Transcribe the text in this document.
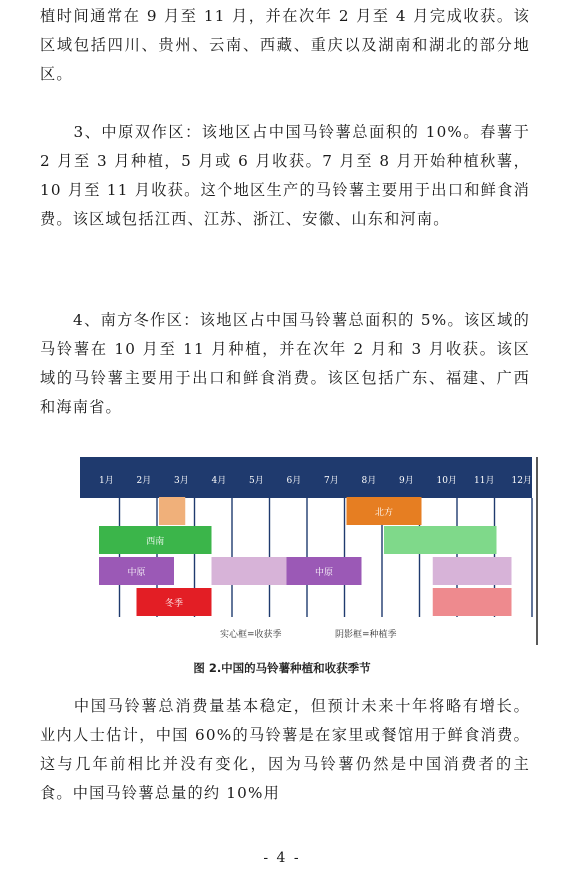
植时间通常在 9 月至 11 月，并在次年 2 月至 4 月完成收获。该区域包括四川、贵州、云南、西藏、重庆以及湖南和湖北的部分地区。

　　3、中原双作区：该地区占中国马铃薯总面积的 10%。春薯于 2 月至 3 月种植，5 月或 6 月收获。7 月至 8 月开始种植秋薯，10 月至 11 月收获。这个地区生产的马铃薯主要用于出口和鲜食消费。该区域包括江西、江苏、浙江、安徽、山东和河南。

　　4、南方冬作区：该地区占中国马铃薯总面积的 5%。该区域的马铃薯在 10 月至 11 月种植，并在次年 2 月和 3 月收获。该区域的马铃薯主要用于出口和鲜食消费。该区包括广东、福建、广西和海南省。

1月	2月	3月	4月	5月	6月	7月	8月	9月	10月 11月 12月
北方
西南
中原	中原
冬季
实心框=收获季	阴影框=种植季
图 2.中国的马铃薯种植和收获季节

　　中国马铃薯总消费量基本稳定，但预计未来十年将略有增长。业内人士估计，中国 60%的马铃薯是在家里或餐馆用于鲜食消费。这与几年前相比并没有变化，因为马铃薯仍然是中国消费者的主食。中国马铃薯总量的约 10%用

- 4 -
